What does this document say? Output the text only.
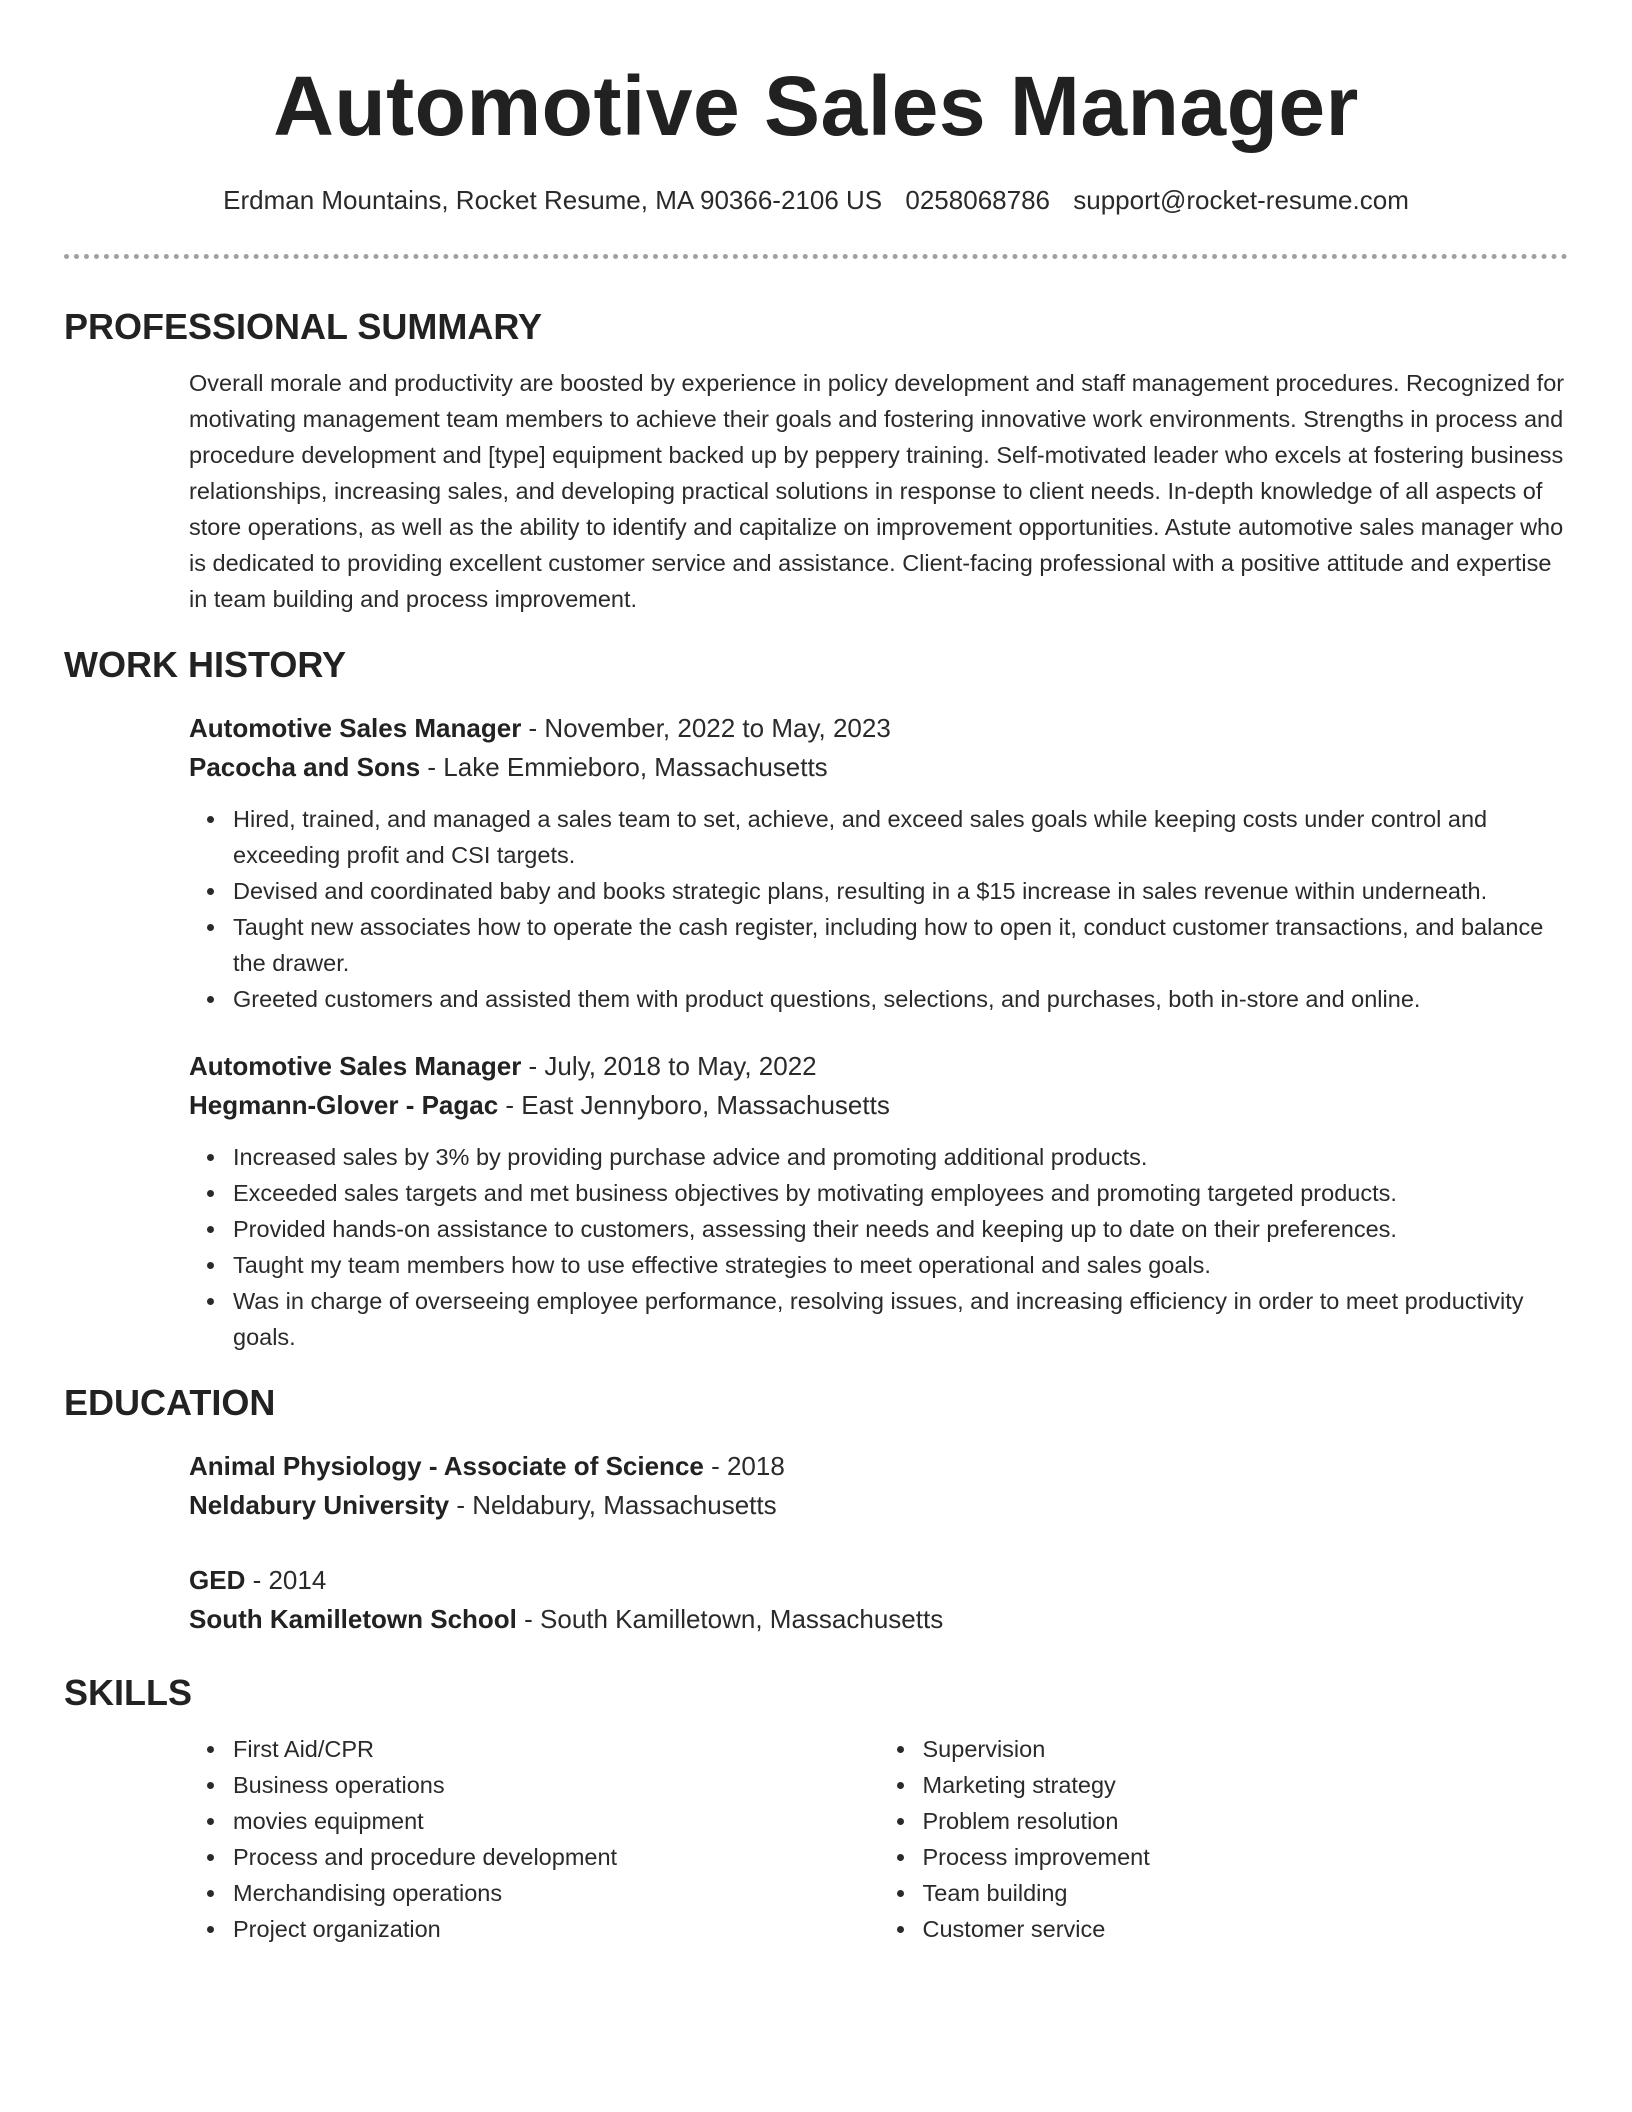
Automotive Sales Manager
Erdman Mountains, Rocket Resume, MA 90366-2106 US 0258068786 support@rocket-resume.com
PROFESSIONAL SUMMARY
Overall morale and productivity are boosted by experience in policy development and staff management procedures. Recognized for motivating management team members to achieve their goals and fostering innovative work environments. Strengths in process and procedure development and [type] equipment backed up by peppery training. Self-motivated leader who excels at fostering business relationships, increasing sales, and developing practical solutions in response to client needs. In-depth knowledge of all aspects of store operations, as well as the ability to identify and capitalize on improvement opportunities. Astute automotive sales manager who is dedicated to providing excellent customer service and assistance. Client-facing professional with a positive attitude and expertise in team building and process improvement.
WORK HISTORY
Automotive Sales Manager - November, 2022 to May, 2023
Pacocha and Sons - Lake Emmieboro, Massachusetts
Hired, trained, and managed a sales team to set, achieve, and exceed sales goals while keeping costs under control and exceeding profit and CSI targets.
Devised and coordinated baby and books strategic plans, resulting in a $15 increase in sales revenue within underneath.
Taught new associates how to operate the cash register, including how to open it, conduct customer transactions, and balance the drawer.
Greeted customers and assisted them with product questions, selections, and purchases, both in-store and online.
Automotive Sales Manager - July, 2018 to May, 2022
Hegmann-Glover - Pagac - East Jennyboro, Massachusetts
Increased sales by 3% by providing purchase advice and promoting additional products.
Exceeded sales targets and met business objectives by motivating employees and promoting targeted products.
Provided hands-on assistance to customers, assessing their needs and keeping up to date on their preferences.
Taught my team members how to use effective strategies to meet operational and sales goals.
Was in charge of overseeing employee performance, resolving issues, and increasing efficiency in order to meet productivity goals.
EDUCATION
Animal Physiology - Associate of Science - 2018
Neldabury University - Neldabury, Massachusetts
GED - 2014
South Kamilletown School - South Kamilletown, Massachusetts
SKILLS
First Aid/CPR
Business operations
movies equipment
Process and procedure development
Merchandising operations
Project organization
Supervision
Marketing strategy
Problem resolution
Process improvement
Team building
Customer service
